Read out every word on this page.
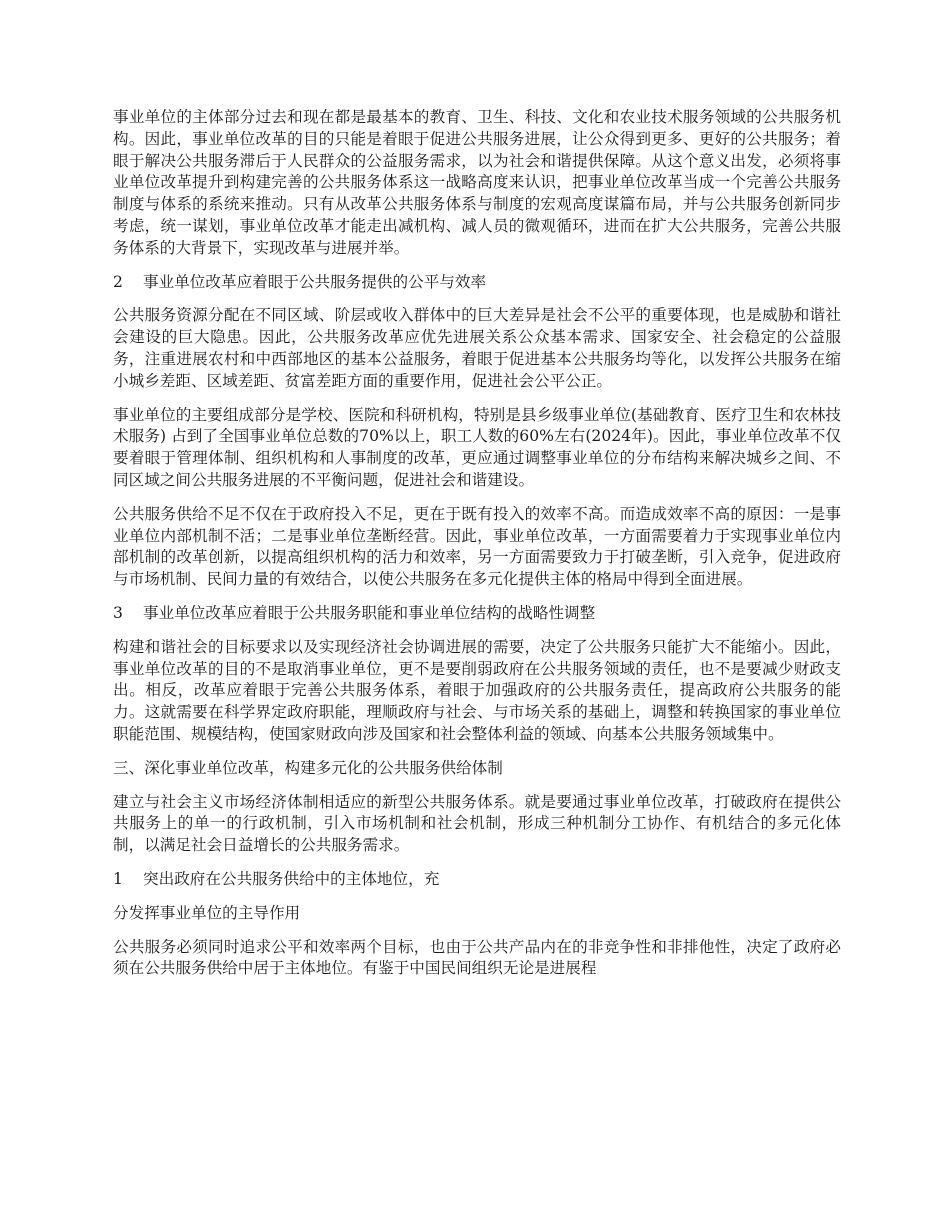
事业单位的主体部分过去和现在都是最基本的教育、卫生、科技、文化和农业技术服务领域的公共服务机构。因此，事业单位改革的目的只能是着眼于促进公共服务进展，让公众得到更多、更好的公共服务；着眼于解决公共服务滞后于人民群众的公益服务需求，以为社会和谐提供保障。从这个意义出发，必须将事业单位改革提升到构建完善的公共服务体系这一战略高度来认识，把事业单位改革当成一个完善公共服务制度与体系的系统来推动。只有从改革公共服务体系与制度的宏观高度谋篇布局，并与公共服务创新同步考虑，统一谋划，事业单位改革才能走出减机构、减人员的微观循环，进而在扩大公共服务，完善公共服务体系的大背景下，实现改革与进展并举。

2 事业单位改革应着眼于公共服务提供的公平与效率

公共服务资源分配在不同区域、阶层或收入群体中的巨大差异是社会不公平的重要体现，也是威胁和谐社会建设的巨大隐患。因此，公共服务改革应优先进展关系公众基本需求、国家安全、社会稳定的公益服务，注重进展农村和中西部地区的基本公益服务，着眼于促进基本公共服务均等化，以发挥公共服务在缩小城乡差距、区域差距、贫富差距方面的重要作用，促进社会公平公正。

事业单位的主要组成部分是学校、医院和科研机构，特别是县乡级事业单位(基础教育、医疗卫生和农林技术服务) 占到了全国事业单位总数的70%以上，职工人数的60%左右(2024年)。因此，事业单位改革不仅要着眼于管理体制、组织机构和人事制度的改革，更应通过调整事业单位的分布结构来解决城乡之间、不同区域之间公共服务进展的不平衡问题，促进社会和谐建设。

公共服务供给不足不仅在于政府投入不足，更在于既有投入的效率不高。而造成效率不高的原因：一是事业单位内部机制不活；二是事业单位垄断经营。因此，事业单位改革，一方面需要着力于实现事业单位内部机制的改革创新，以提高组织机构的活力和效率，另一方面需要致力于打破垄断，引入竞争，促进政府与市场机制、民间力量的有效结合，以使公共服务在多元化提供主体的格局中得到全面进展。

3 事业单位改革应着眼于公共服务职能和事业单位结构的战略性调整

构建和谐社会的目标要求以及实现经济社会协调进展的需要，决定了公共服务只能扩大不能缩小。因此，事业单位改革的目的不是取消事业单位，更不是要削弱政府在公共服务领域的责任，也不是要减少财政支出。相反，改革应着眼于完善公共服务体系，着眼于加强政府的公共服务责任，提高政府公共服务的能力。这就需要在科学界定政府职能，理顺政府与社会、与市场关系的基础上，调整和转换国家的事业单位职能范围、规模结构，使国家财政向涉及国家和社会整体利益的领域、向基本公共服务领域集中。

三、深化事业单位改革，构建多元化的公共服务供给体制

建立与社会主义市场经济体制相适应的新型公共服务体系。就是要通过事业单位改革，打破政府在提供公共服务上的单一的行政机制，引入市场机制和社会机制，形成三种机制分工协作、有机结合的多元化体制，以满足社会日益增长的公共服务需求。

1 突出政府在公共服务供给中的主体地位，充

分发挥事业单位的主导作用

公共服务必须同时追求公平和效率两个目标，也由于公共产品内在的非竞争性和非排他性，决定了政府必须在公共服务供给中居于主体地位。有鉴于中国民间组织无论是进展程
